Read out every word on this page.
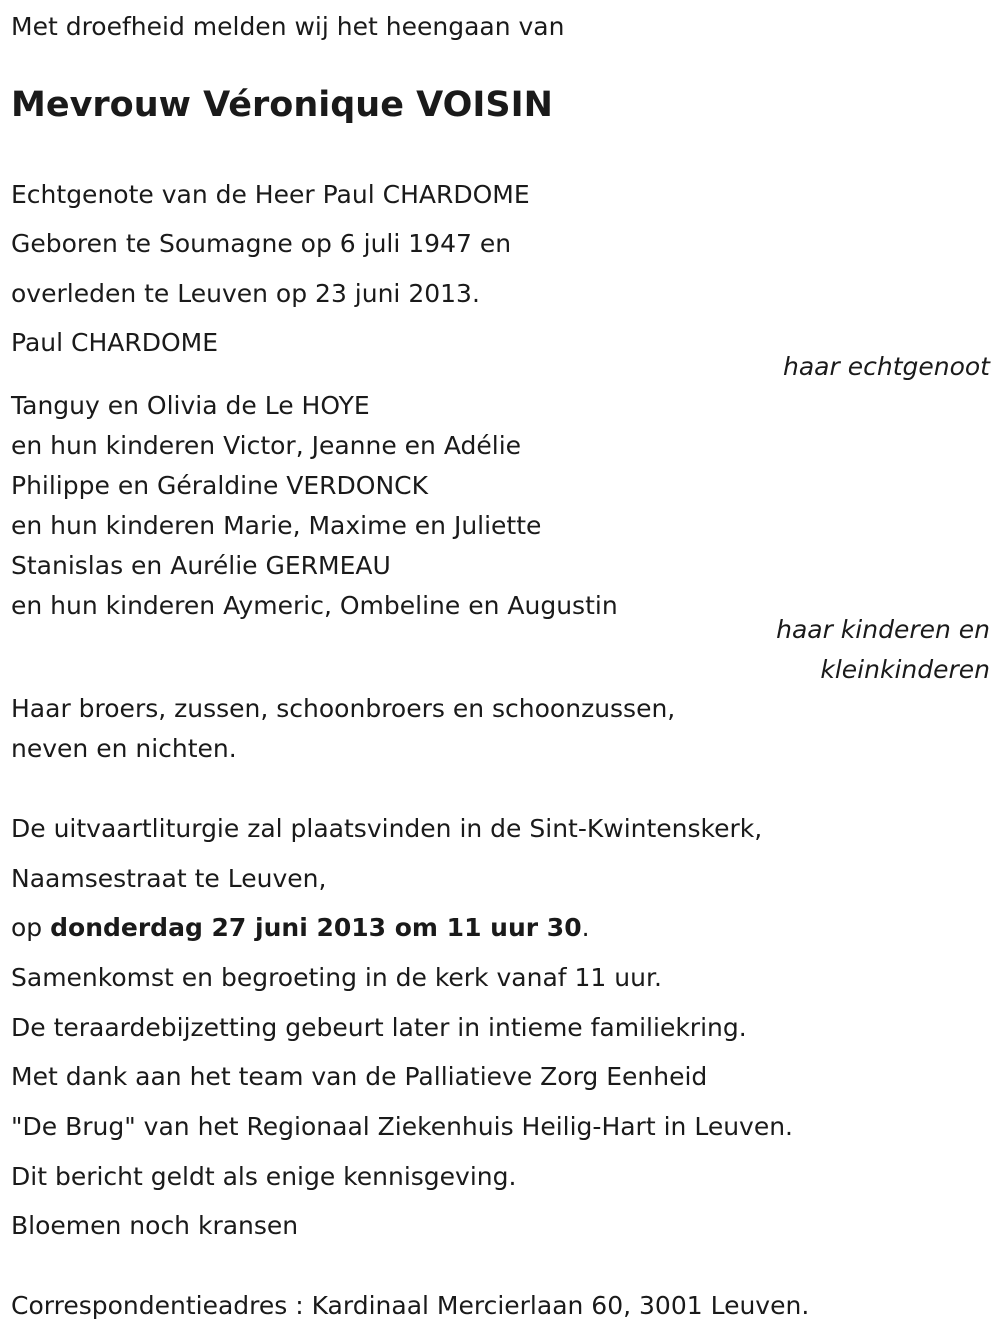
Met droefheid melden wij het heengaan van
Mevrouw Véronique VOISIN
Echtgenote van de Heer Paul CHARDOME
Geboren te Soumagne op 6 juli 1947 en
overleden te Leuven op 23 juni 2013.
Paul CHARDOME
haar echtgenoot
Tanguy en Olivia de Le HOYE
en hun kinderen Victor, Jeanne en Adélie
Philippe en Géraldine VERDONCK
en hun kinderen Marie, Maxime en Juliette
Stanislas en Aurélie GERMEAU
en hun kinderen Aymeric, Ombeline en Augustin
haar kinderen en
kleinkinderen
Haar broers, zussen, schoonbroers en schoonzussen,
neven en nichten.
De uitvaartliturgie zal plaatsvinden in de Sint-Kwintenskerk,
Naamsestraat te Leuven,
op donderdag 27 juni 2013 om 11 uur 30.
Samenkomst en begroeting in de kerk vanaf 11 uur.
De teraardebijzetting gebeurt later in intieme familiekring.
Met dank aan het team van de Palliatieve Zorg Eenheid
"De Brug" van het Regionaal Ziekenhuis Heilig-Hart in Leuven.
Dit bericht geldt als enige kennisgeving.
Bloemen noch kransen
Correspondentieadres : Kardinaal Mercierlaan 60, 3001 Leuven.
